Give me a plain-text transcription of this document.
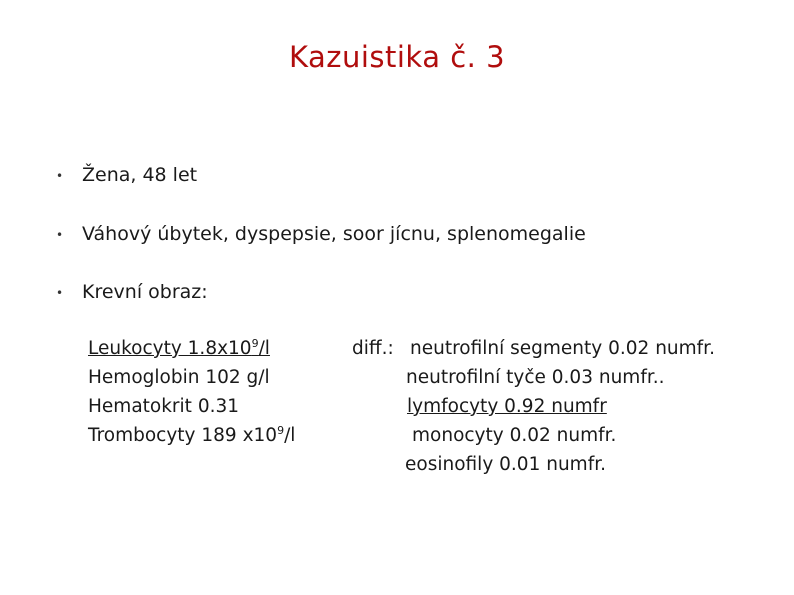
Kazuistika č. 3
• Žena, 48 let
• Váhový úbytek, dyspepsie, soor jícnu, splenomegalie
• Krevní obraz:
Leukocyty $1.8x10^9/l$
Hemoglobin 102 g/l
Hematokrit 0.31
Trombocyty 189 $x10^9/l$
diff.: neutrofilní segmenty 0.02 numfr.
neutrofilní tyče 0.03 numfr..
lymfocyty 0.92 numfr
monocyty 0.02 numfr.
eosinofily 0.01 numfr.
